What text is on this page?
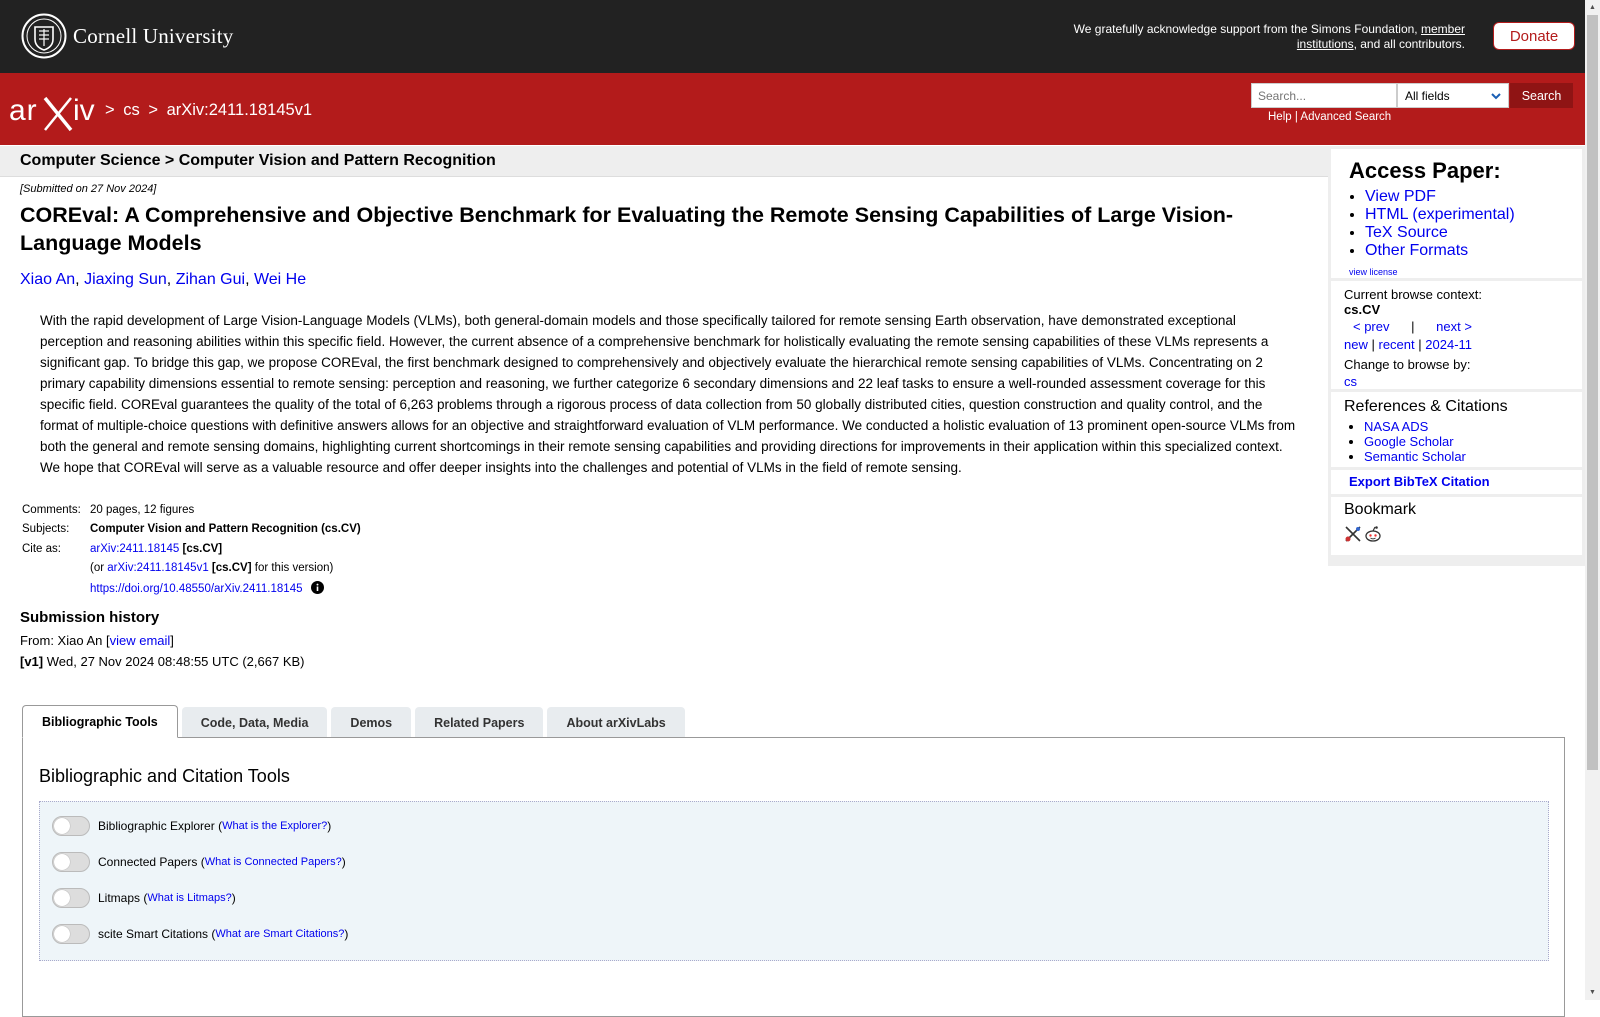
Cornell University	We gratefully acknowledge support from the Simons Foundation, member institutions, and all contributors.	Donate
ar iv > cs > arXiv:2411.18145v1
Search...
All fields	Search
Help | Advanced Search
Computer Science > Computer Vision and Pattern Recognition
[Submitted on 27 Nov 2024]
COREval: A Comprehensive and Objective Benchmark for Evaluating the Remote Sensing Capabilities of Large Vision-Language Models
Xiao An, Jiaxing Sun, Zihan Gui, Wei He

With the rapid development of Large Vision-Language Models (VLMs), both general-domain models and those specifically tailored for remote sensing Earth observation, have demonstrated exceptional perception and reasoning abilities within this specific field. However, the current absence of a comprehensive benchmark for holistically evaluating the remote sensing capabilities of these VLMs represents a significant gap. To bridge this gap, we propose COREval, the first benchmark designed to comprehensively and objectively evaluate the hierarchical remote sensing capabilities of VLMs. Concentrating on 2 primary capability dimensions essential to remote sensing: perception and reasoning, we further categorize 6 secondary dimensions and 22 leaf tasks to ensure a well-rounded assessment coverage for this specific field. COREval guarantees the quality of the total of 6,263 problems through a rigorous process of data collection from 50 globally distributed cities, question construction and quality control, and the format of multiple-choice questions with definitive answers allows for an objective and straightforward evaluation of VLM performance. We conducted a holistic evaluation of 13 prominent open-source VLMs from both the general and remote sensing domains, highlighting current shortcomings in their remote sensing capabilities and providing directions for improvements in their application within this specialized context. We hope that COREval will serve as a valuable resource and offer deeper insights into the challenges and potential of VLMs in the field of remote sensing.

Comments: 20 pages, 12 figures
Subjects:	Computer Vision and Pattern Recognition (cs.CV)
Cite as:	arXiv:2411.18145 [cs.CV]
(or arXiv:2411.18145v1 [cs.CV] for this version)
https://doi.org/10.48550/arXiv.2411.18145
Submission history
From: Xiao An [view email]
[v1] Wed, 27 Nov 2024 08:48:55 UTC (2,667 KB)
Bibliographic Tools	Code, Data, Media	Demos	Related Papers	About arXivLabs
Bibliographic and Citation Tools
Bibliographic Explorer
( What is the Explorer? )
Connected Papers
( What is Connected Papers? )
Litmaps
( What is Litmaps? )
scite Smart Citations
( What are Smart Citations? )
Access Paper:
• View PDF
• HTML (experimental)
• TeX Source
• Other Formats
view license
Current browse context:
cs.CV
< prev | next >
new | recent | 2024-11
Change to browse by:
cs
References & Citations
• NASA ADS
• Google Scholar
• Semantic Scholar
Export BibTeX Citation
Bookmark
▲
▼
